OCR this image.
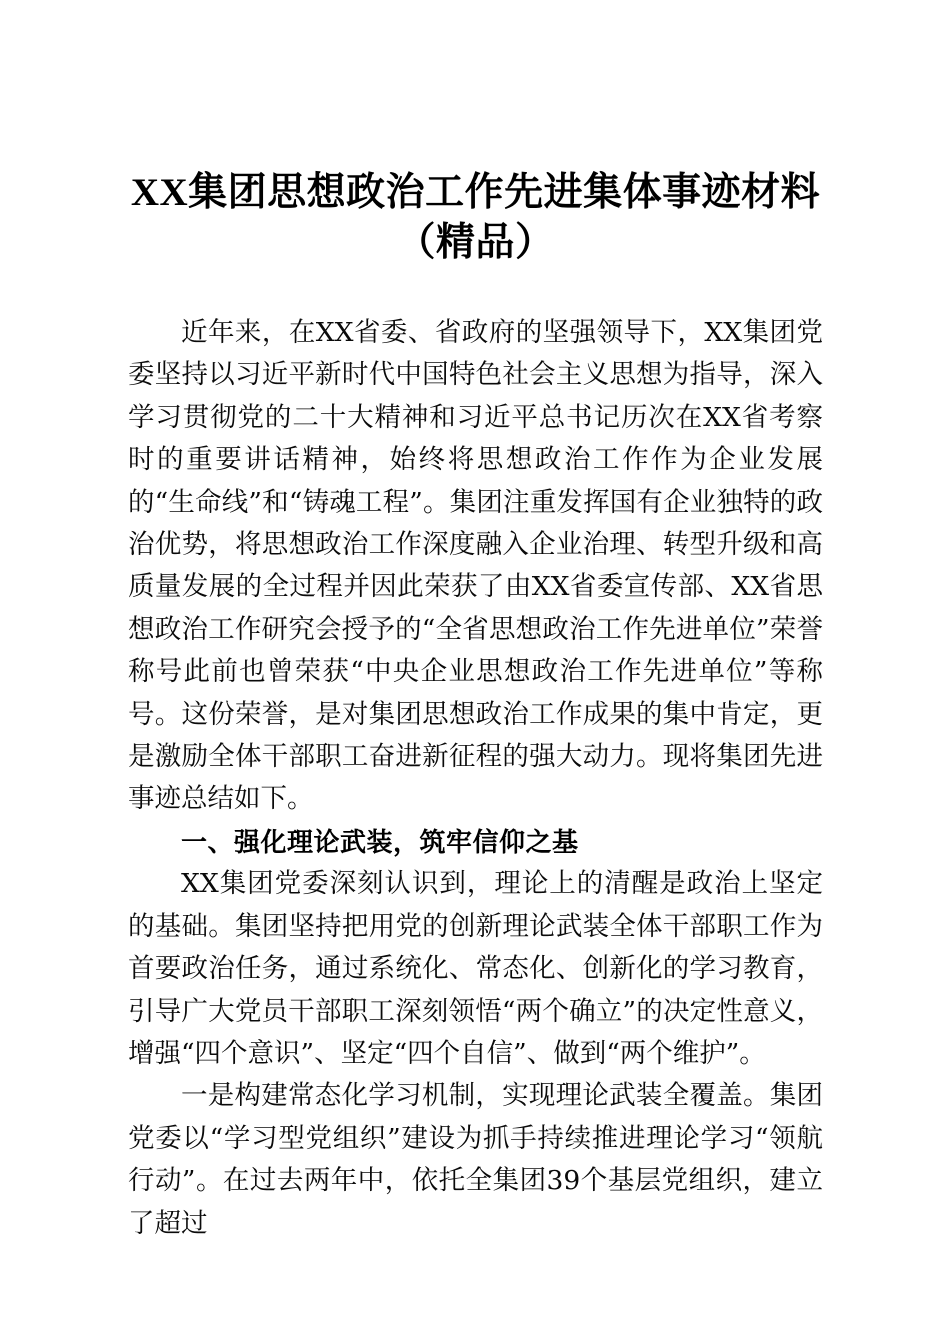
XX集团思想政治工作先进集体事迹材料（精品）

近年来，在XX省委、省政府的坚强领导下，XX集团党委坚持以习近平新时代中国特色社会主义思想为指导，深入学习贯彻党的二十大精神和习近平总书记历次在XX省考察时的重要讲话精神，始终将思想政治工作作为企业发展的“生命线”和“铸魂工程”。集团注重发挥国有企业独特的政治优势，将思想政治工作深度融入企业治理、转型升级和高质量发展的全过程并因此荣获了由XX省委宣传部、XX省思想政治工作研究会授予的“全省思想政治工作先进单位”荣誉称号此前也曾荣获“中央企业思想政治工作先进单位”等称号。这份荣誉，是对集团思想政治工作成果的集中肯定，更是激励全体干部职工奋进新征程的强大动力。现将集团先进事迹总结如下。

一、强化理论武装，筑牢信仰之基

XX集团党委深刻认识到，理论上的清醒是政治上坚定的基础。集团坚持把用党的创新理论武装全体干部职工作为首要政治任务，通过系统化、常态化、创新化的学习教育，引导广大党员干部职工深刻领悟“两个确立”的决定性意义，增强“四个意识”、坚定“四个自信”、做到“两个维护”。

一是构建常态化学习机制，实现理论武装全覆盖。集团党委以“学习型党组织”建设为抓手持续推进理论学习“领航行动”。在过去两年中，依托全集团39个基层党组织，建立了超过
